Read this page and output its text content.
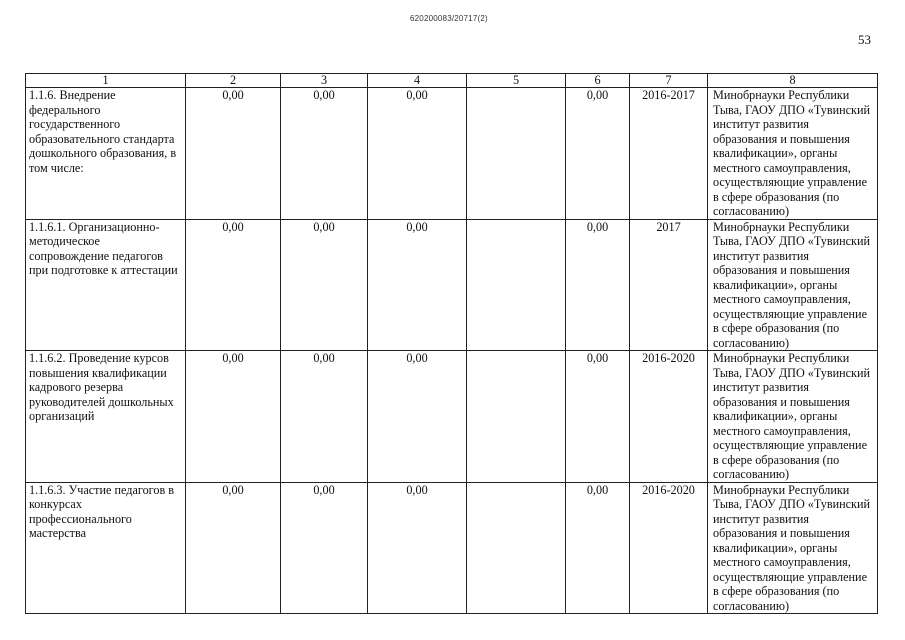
620200083/20717(2)
53
1	2	3	4	5	6	7	8
1.1.6. Внедрение федерального государственного образовательного стандарта дошкольного образования, в том числе:	0,00	0,00	0,00		0,00	2016-2017	Минобрнауки Республики Тыва, ГАОУ ДПО «Тувинский институт развития образования и повышения квалификации», органы местного самоуправления, осуществляющие управление в сфере образования (по согласованию)
1.1.6.1. Организационно-методическое сопровождение педагогов при подготовке к аттестации	0,00	0,00	0,00		0,00	2017	Минобрнауки Республики Тыва, ГАОУ ДПО «Тувинский институт развития образования и повышения квалификации», органы местного самоуправления, осуществляющие управление в сфере образования (по согласованию)
1.1.6.2. Проведение курсов повышения квалификации кадрового резерва руководителей дошкольных организаций	0,00	0,00	0,00		0,00	2016-2020	Минобрнауки Республики Тыва, ГАОУ ДПО «Тувинский институт развития образования и повышения квалификации», органы местного самоуправления, осуществляющие управление в сфере образования (по согласованию)
1.1.6.3. Участие педагогов в конкурсах профессионального мастерства	0,00	0,00	0,00		0,00	2016-2020	Минобрнауки Республики Тыва, ГАОУ ДПО «Тувинский институт развития образования и повышения квалификации», органы местного самоуправления, осуществляющие управление в сфере образования (по согласованию)
